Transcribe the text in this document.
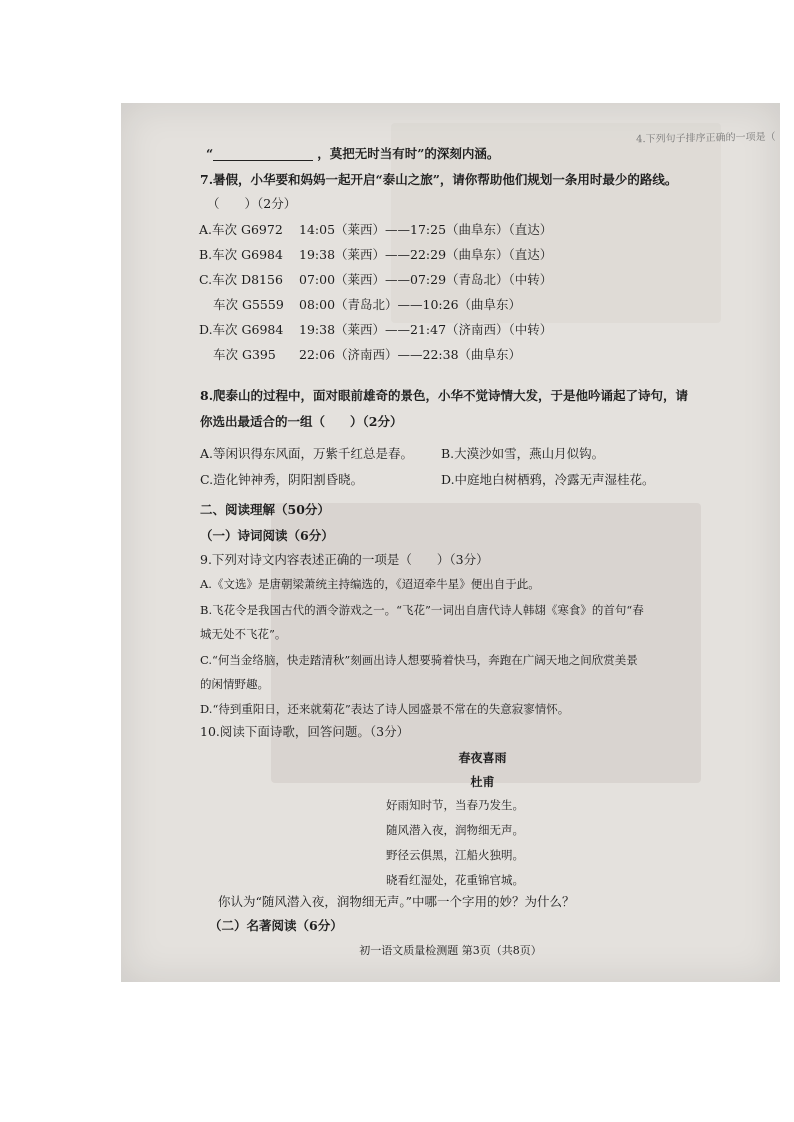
4.下列句子排序正确的一项是（
“	，莫把无时当有时”的深刻内涵。
7.暑假，小华要和妈妈一起开启“泰山之旅”，请你帮助他们规划一条用时最少的路线。
（　　）（2分）
A.车次 G6972 14:05（莱西）——17:25（曲阜东）（直达）
B.车次 G6984 19:38（莱西）——22:29（曲阜东）（直达）
C.车次 D8156 07:00（莱西）——07:29（青岛北）（中转）
车次 G5559 08:00（青岛北）——10:26（曲阜东）
D.车次 G6984 19:38（莱西）——21:47（济南西）（中转）
车次 G395 22:06（济南西）——22:38（曲阜东）
8.爬泰山的过程中，面对眼前雄奇的景色，小华不觉诗情大发，于是他吟诵起了诗句，请
你选出最适合的一组（　　）（2分）
A.等闲识得东风面，万紫千红总是春。 B.大漠沙如雪，燕山月似钩。
C.造化钟神秀，阴阳割昏晓。	D.中庭地白树栖鸦，冷露无声湿桂花。
二、阅读理解（50分）
（一）诗词阅读（6分）
9.下列对诗文内容表述正确的一项是（　　）（3分）
A.《文选》是唐朝梁萧统主持编选的，《迢迢牵牛星》便出自于此。
B.飞花令是我国古代的酒令游戏之一。“飞花”一词出自唐代诗人韩翃《寒食》的首句“春
城无处不飞花”。
C.“何当金络脑，快走踏清秋”刻画出诗人想要骑着快马，奔跑在广阔天地之间欣赏美景
的闲情野趣。
D.“待到重阳日，还来就菊花”表达了诗人园盛景不常在的失意寂寥情怀。
10.阅读下面诗歌，回答问题。（3分）
春夜喜雨
杜甫
好雨知时节，当春乃发生。
随风潜入夜，润物细无声。
野径云俱黑，江船火独明。
晓看红湿处，花重锦官城。
你认为“随风潜入夜，润物细无声。”中哪一个字用的妙？为什么？
（二）名著阅读（6分）
初一语文质量检测题 第3页（共8页）
